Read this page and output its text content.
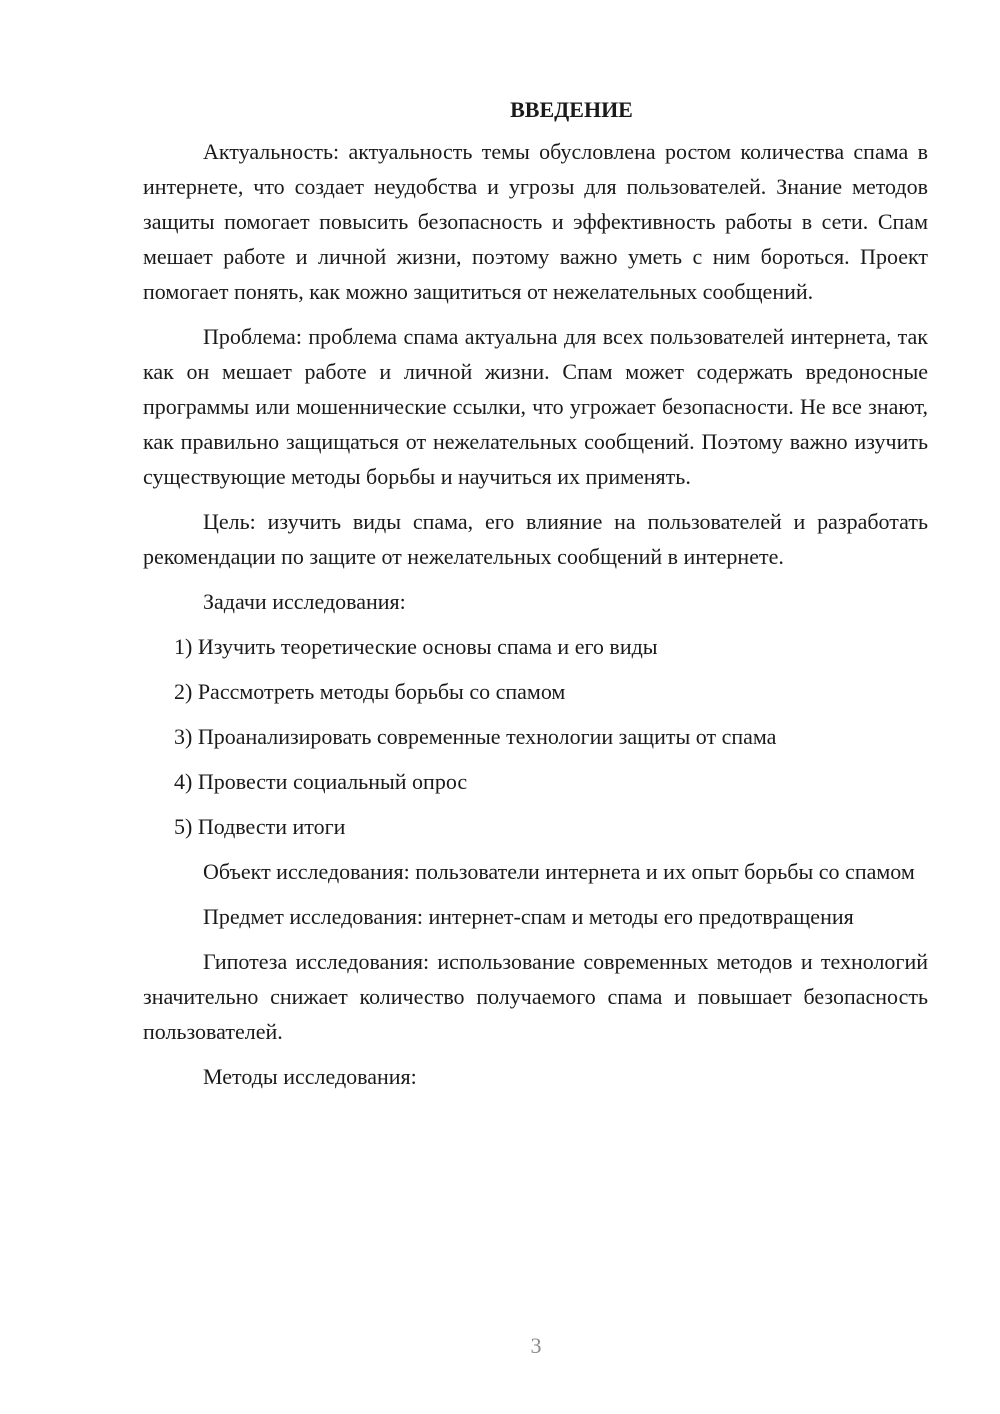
ВВЕДЕНИЕ

Актуальность: актуальность темы обусловлена ростом количества спама в интернете, что создает неудобства и угрозы для пользователей. Знание методов защиты помогает повысить безопасность и эффективность работы в сети. Спам мешает работе и личной жизни, поэтому важно уметь с ним бороться. Проект помогает понять, как можно защититься от нежелательных сообщений.

Проблема: проблема спама актуальна для всех пользователей интернета, так как он мешает работе и личной жизни. Спам может содержать вредоносные программы или мошеннические ссылки, что угрожает безопасности. Не все знают, как правильно защищаться от нежелательных сообщений. Поэтому важно изучить существующие методы борьбы и научиться их применять.

Цель: изучить виды спама, его влияние на пользователей и разработать рекомендации по защите от нежелательных сообщений в интернете.

Задачи исследования:

1) Изучить теоретические основы спама и его виды

2) Рассмотреть методы борьбы со спамом

3) Проанализировать современные технологии защиты от спама

4) Провести социальный опрос

5) Подвести итоги

Объект исследования: пользователи интернета и их опыт борьбы со спамом

Предмет исследования: интернет-спам и методы его предотвращения

Гипотеза исследования: использование современных методов и технологий значительно снижает количество получаемого спама и повышает безопасность пользователей.

Методы исследования:

3
